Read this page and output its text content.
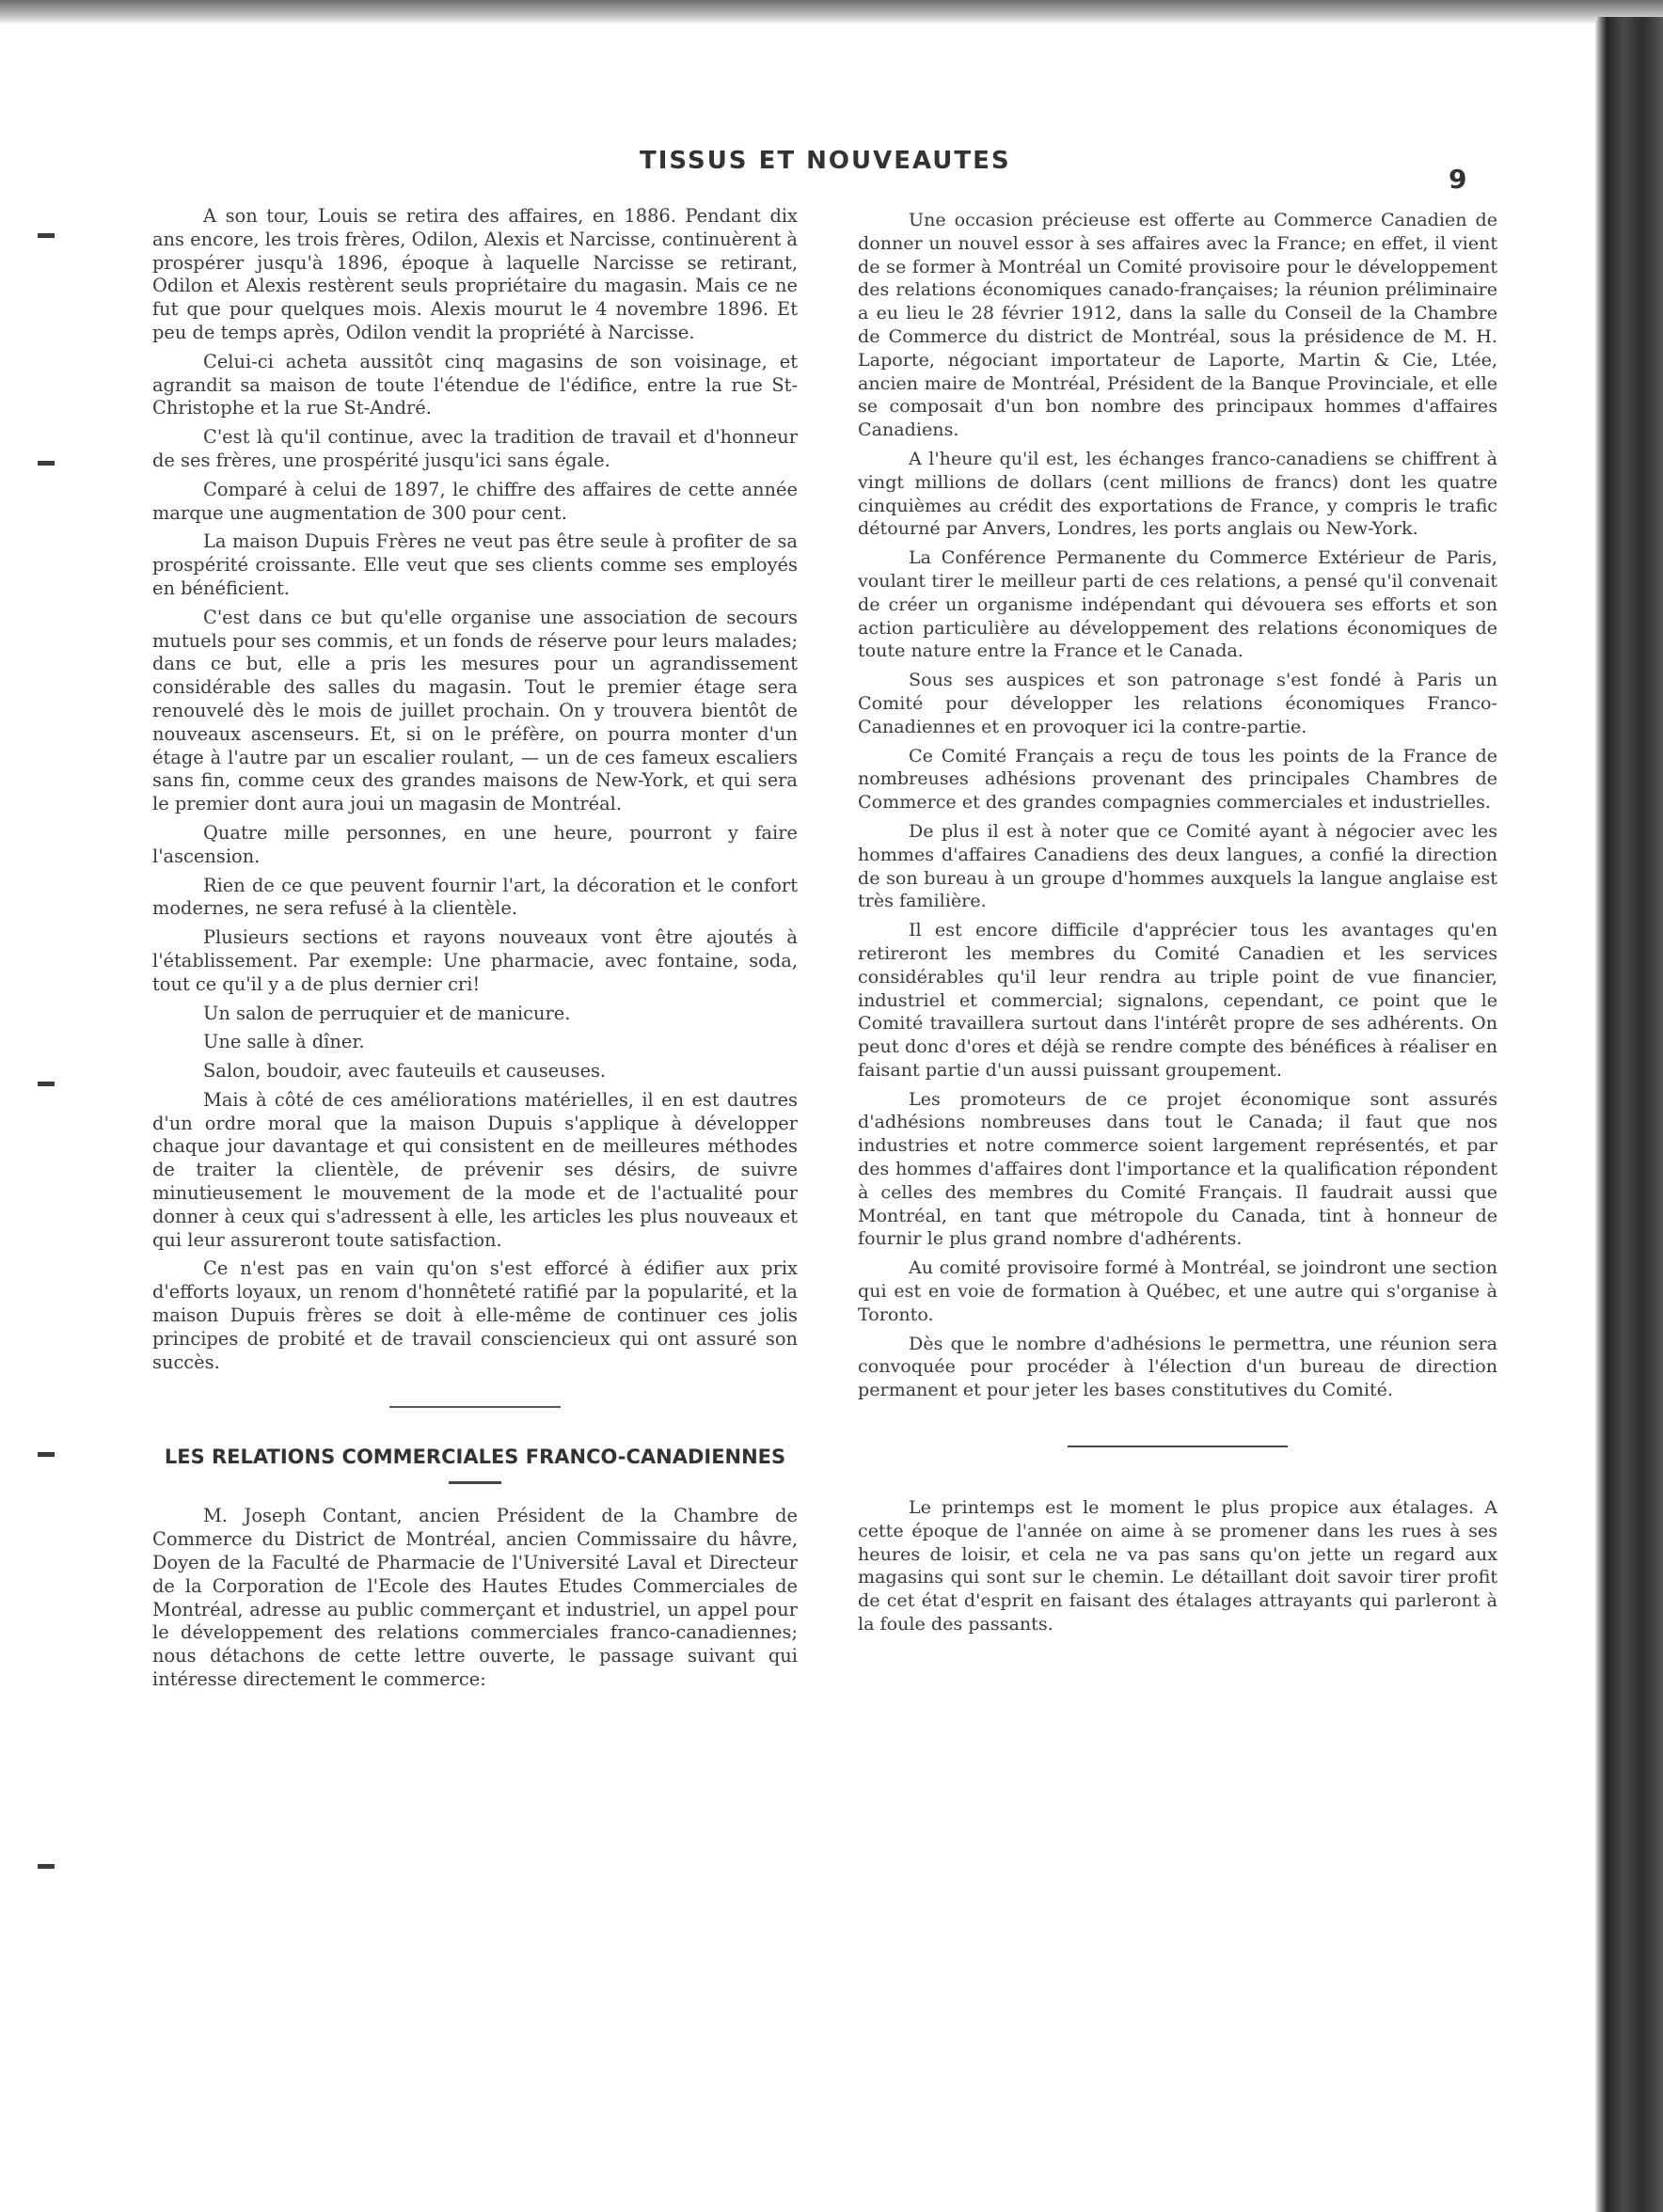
TISSUS ET NOUVEAUTES
9

A son tour, Louis se retira des affaires, en 1886. Pendant dix ans encore, les trois frères, Odilon, Alexis et Narcisse, continuèrent à prospérer jusqu'à 1896, époque à laquelle Narcisse se retirant, Odilon et Alexis restèrent seuls propriétaire du magasin. Mais ce ne fut que pour quelques mois. Alexis mourut le 4 novembre 1896. Et peu de temps après, Odilon vendit la propriété à Narcisse.

Celui-ci acheta aussitôt cinq magasins de son voisinage, et agrandit sa maison de toute l'étendue de l'édifice, entre la rue St-Christophe et la rue St-André.

C'est là qu'il continue, avec la tradition de travail et d'honneur de ses frères, une prospérité jusqu'ici sans égale.

Comparé à celui de 1897, le chiffre des affaires de cette année marque une augmentation de 300 pour cent.

La maison Dupuis Frères ne veut pas être seule à profiter de sa prospérité croissante. Elle veut que ses clients comme ses employés en bénéficient.

C'est dans ce but qu'elle organise une association de secours mutuels pour ses commis, et un fonds de réserve pour leurs malades; dans ce but, elle a pris les mesures pour un agrandissement considérable des salles du magasin. Tout le premier étage sera renouvelé dès le mois de juillet prochain. On y trouvera bientôt de nouveaux ascenseurs. Et, si on le préfère, on pourra monter d'un étage à l'autre par un escalier roulant, — un de ces fameux escaliers sans fin, comme ceux des grandes maisons de New-York, et qui sera le premier dont aura joui un magasin de Montréal.

Quatre mille personnes, en une heure, pourront y faire l'ascension.

Rien de ce que peuvent fournir l'art, la décoration et le confort modernes, ne sera refusé à la clientèle.

Plusieurs sections et rayons nouveaux vont être ajoutés à l'établissement. Par exemple: Une pharmacie, avec fontaine, soda, tout ce qu'il y a de plus dernier cri!

Un salon de perruquier et de manicure.

Une salle à dîner.

Salon, boudoir, avec fauteuils et causeuses.

Mais à côté de ces améliorations matérielles, il en est dautres d'un ordre moral que la maison Dupuis s'applique à développer chaque jour davantage et qui consistent en de meilleures méthodes de traiter la clientèle, de prévenir ses désirs, de suivre minutieusement le mouvement de la mode et de l'actualité pour donner à ceux qui s'adressent à elle, les articles les plus nouveaux et qui leur assureront toute satisfaction.

Ce n'est pas en vain qu'on s'est efforcé à édifier aux prix d'efforts loyaux, un renom d'honnêteté ratifié par la popularité, et la maison Dupuis frères se doit à elle-même de continuer ces jolis principes de probité et de travail consciencieux qui ont assuré son succès.

LES RELATIONS COMMERCIALES FRANCO-CANADIENNES

M. Joseph Contant, ancien Président de la Chambre de Commerce du District de Montréal, ancien Commissaire du hâvre, Doyen de la Faculté de Pharmacie de l'Université Laval et Directeur de la Corporation de l'Ecole des Hautes Etudes Commerciales de Montréal, adresse au public commerçant et industriel, un appel pour le développement des relations commerciales franco-canadiennes; nous détachons de cette lettre ouverte, le passage suivant qui intéresse directement le commerce:

Une occasion précieuse est offerte au Commerce Canadien de donner un nouvel essor à ses affaires avec la France; en effet, il vient de se former à Montréal un Comité provisoire pour le développement des relations économiques canado-françaises; la réunion préliminaire a eu lieu le 28 février 1912, dans la salle du Conseil de la Chambre de Commerce du district de Montréal, sous la présidence de M. H. Laporte, négociant importateur de Laporte, Martin & Cie, Ltée, ancien maire de Montréal, Président de la Banque Provinciale, et elle se composait d'un bon nombre des principaux hommes d'affaires Canadiens.

A l'heure qu'il est, les échanges franco-canadiens se chiffrent à vingt millions de dollars (cent millions de francs) dont les quatre cinquièmes au crédit des exportations de France, y compris le trafic détourné par Anvers, Londres, les ports anglais ou New-York.

La Conférence Permanente du Commerce Extérieur de Paris, voulant tirer le meilleur parti de ces relations, a pensé qu'il convenait de créer un organisme indépendant qui dévouera ses efforts et son action particulière au développement des relations économiques de toute nature entre la France et le Canada.

Sous ses auspices et son patronage s'est fondé à Paris un Comité pour développer les relations économiques Franco-Canadiennes et en provoquer ici la contre-partie.

Ce Comité Français a reçu de tous les points de la France de nombreuses adhésions provenant des principales Chambres de Commerce et des grandes compagnies commerciales et industrielles.

De plus il est à noter que ce Comité ayant à négocier avec les hommes d'affaires Canadiens des deux langues, a confié la direction de son bureau à un groupe d'hommes auxquels la langue anglaise est très familière.

Il est encore difficile d'apprécier tous les avantages qu'en retireront les membres du Comité Canadien et les services considérables qu'il leur rendra au triple point de vue financier, industriel et commercial; signalons, cependant, ce point que le Comité travaillera surtout dans l'intérêt propre de ses adhérents. On peut donc d'ores et déjà se rendre compte des bénéfices à réaliser en faisant partie d'un aussi puissant groupement.

Les promoteurs de ce projet économique sont assurés d'adhésions nombreuses dans tout le Canada; il faut que nos industries et notre commerce soient largement représentés, et par des hommes d'affaires dont l'importance et la qualification répondent à celles des membres du Comité Français. Il faudrait aussi que Montréal, en tant que métropole du Canada, tint à honneur de fournir le plus grand nombre d'adhérents.

Au comité provisoire formé à Montréal, se joindront une section qui est en voie de formation à Québec, et une autre qui s'organise à Toronto.

Dès que le nombre d'adhésions le permettra, une réunion sera convoquée pour procéder à l'élection d'un bureau de direction permanent et pour jeter les bases constitutives du Comité.

Le printemps est le moment le plus propice aux étalages. A cette époque de l'année on aime à se promener dans les rues à ses heures de loisir, et cela ne va pas sans qu'on jette un regard aux magasins qui sont sur le chemin. Le détaillant doit savoir tirer profit de cet état d'esprit en faisant des étalages attrayants qui parleront à la foule des passants.
